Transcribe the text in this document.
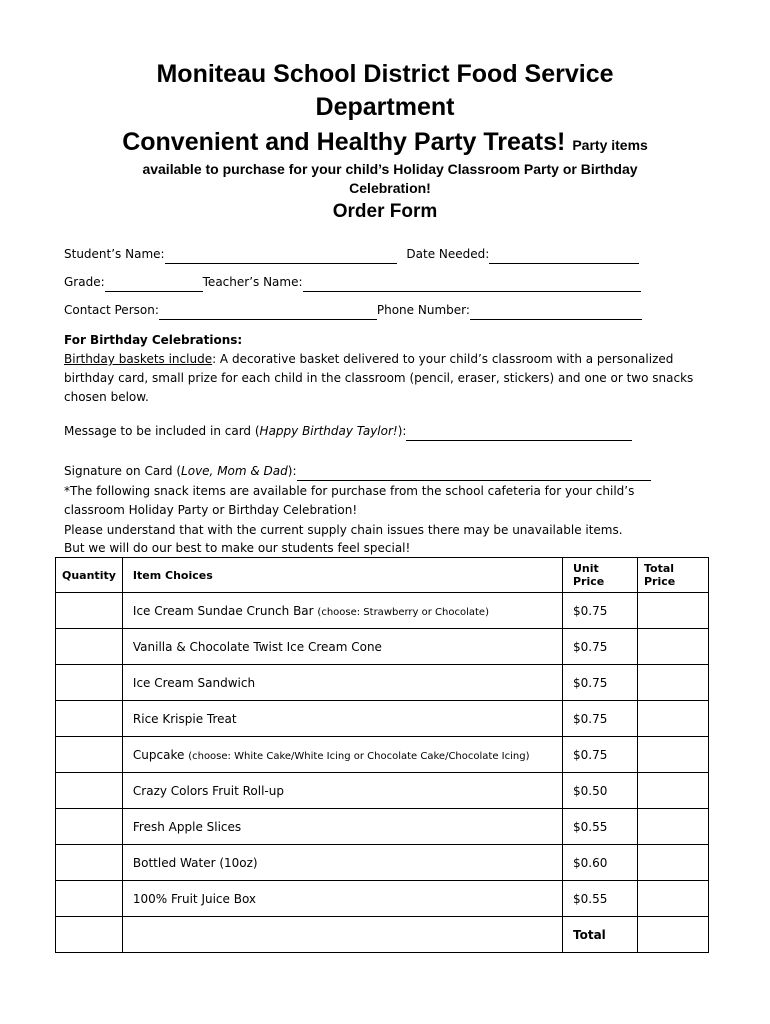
Moniteau School District Food Service
Department
Convenient and Healthy Party Treats! Party items
available to purchase for your child’s Holiday Classroom Party or Birthday Celebration!
Order Form
Student’s Name:	Date Needed:
Grade:	Teacher’s Name:
Contact Person:	Phone Number:
For Birthday Celebrations:
Birthday baskets include: A decorative basket delivered to your child’s classroom with a personalized birthday card, small prize for each child in the classroom (pencil, eraser, stickers) and one or two snacks chosen below.
Message to be included in card (Happy Birthday Taylor!):
Signature on Card (Love, Mom & Dad):
*The following snack items are available for purchase from the school cafeteria for your child’s classroom Holiday Party or Birthday Celebration!
Please understand that with the current supply chain issues there may be unavailable items.
But we will do our best to make our students feel special!
Quantity	Item Choices	Unit Price	Total Price
	Ice Cream Sundae Crunch Bar (choose: Strawberry or Chocolate)	$0.75	
	Vanilla & Chocolate Twist Ice Cream Cone	$0.75	
	Ice Cream Sandwich	$0.75	
	Rice Krispie Treat	$0.75	
	Cupcake (choose: White Cake/White Icing or Chocolate Cake/Chocolate Icing)	$0.75	
	Crazy Colors Fruit Roll-up	$0.50	
	Fresh Apple Slices	$0.55	
	Bottled Water (10oz)	$0.60	
	100% Fruit Juice Box	$0.55	
		Total	
